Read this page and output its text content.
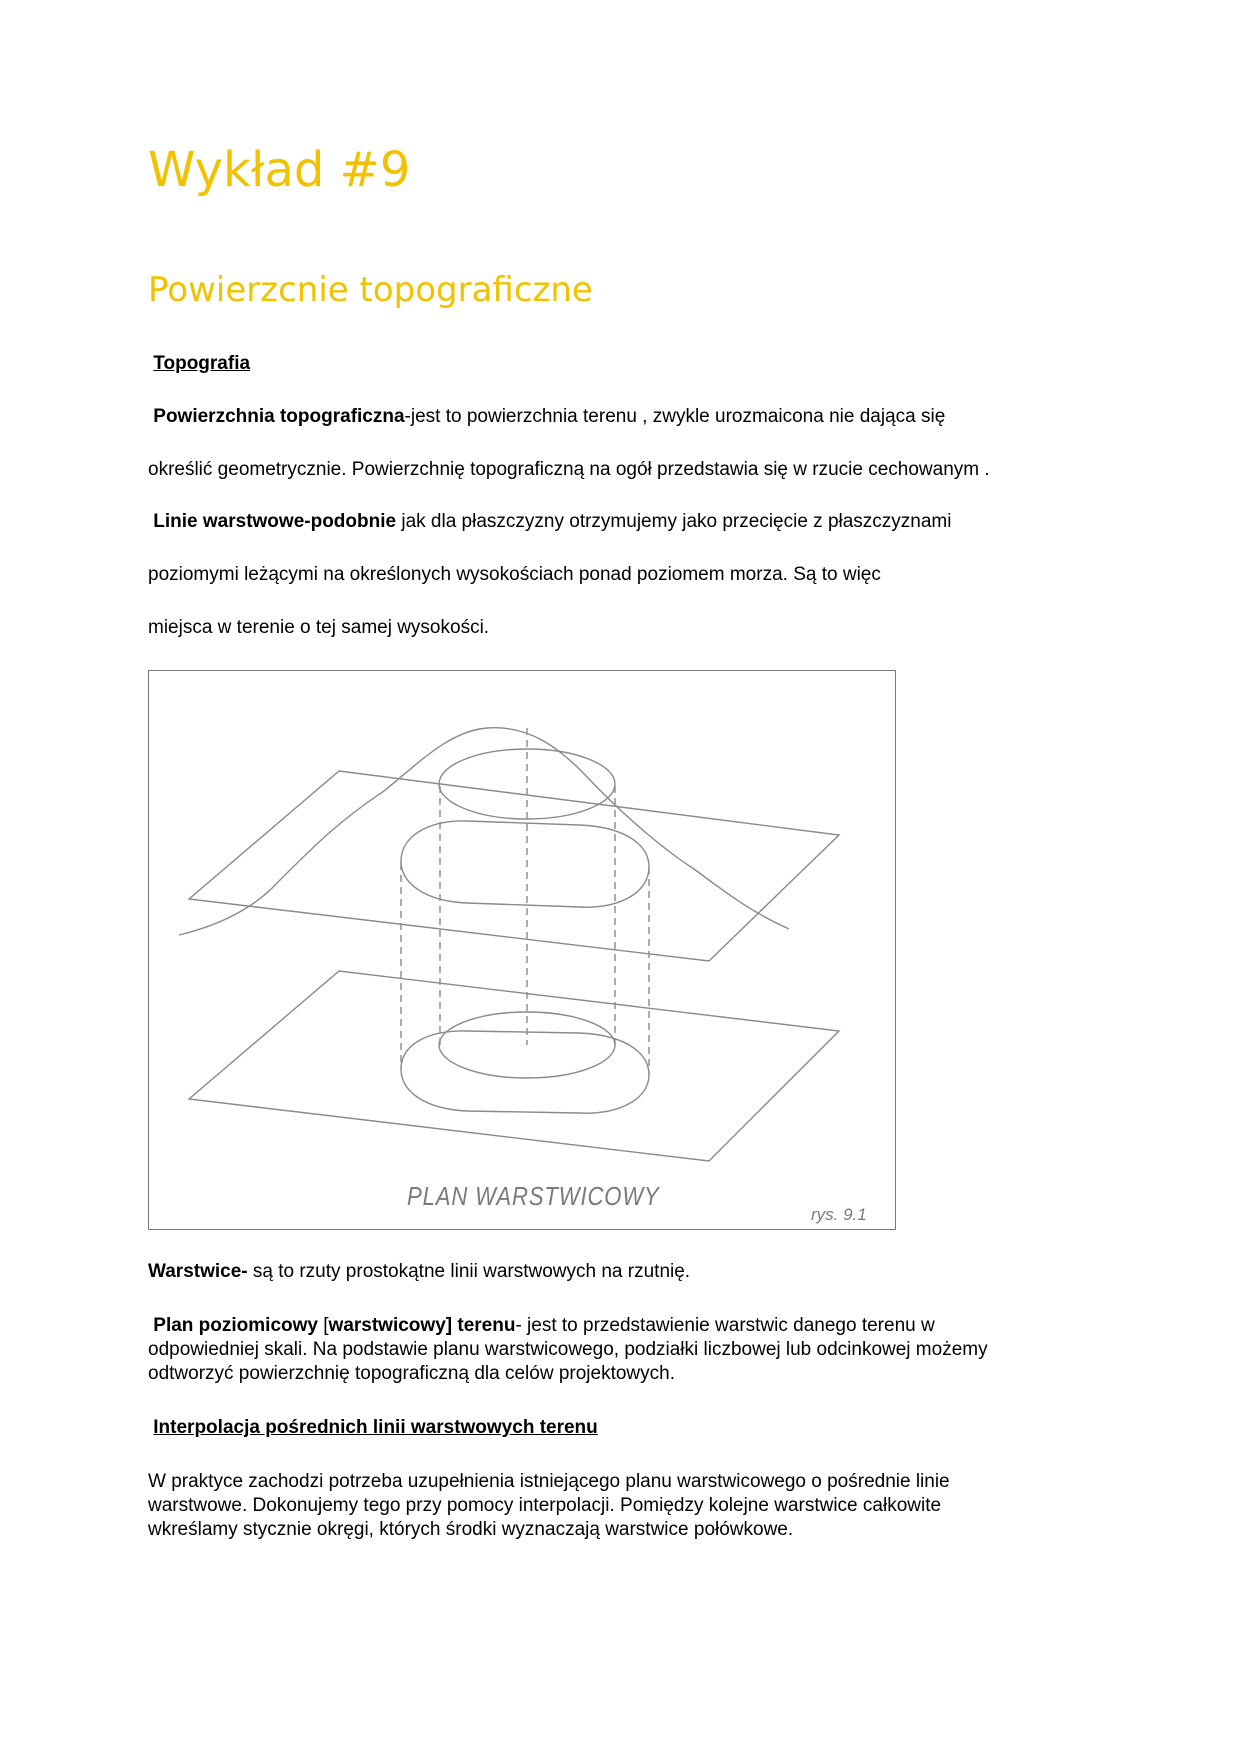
Wykład #9
Powierzcnie topograficzne

Topografia

Powierzchnia topograficzna-jest to powierzchnia terenu , zwykle urozmaicona nie dająca się

określić geometrycznie. Powierzchnię topograficzną na ogół przedstawia się w rzucie cechowanym .

Linie warstwowe-podobnie jak dla płaszczyzny otrzymujemy jako przecięcie z płaszczyznami

poziomymi leżącymi na określonych wysokościach ponad poziomem morza. Są to więc

miejsca w terenie o tej samej wysokości.

PLAN WARSTWICOWY
rys. 9.1

Warstwice- są to rzuty prostokątne linii warstwowych na rzutnię.

Plan poziomicowy [warstwicowy] terenu- jest to przedstawienie warstwic danego terenu w

odpowiedniej skali. Na podstawie planu warstwicowego, podziałki liczbowej lub odcinkowej możemy

odtworzyć powierzchnię topograficzną dla celów projektowych.

Interpolacja pośrednich linii warstwowych terenu

W praktyce zachodzi potrzeba uzupełnienia istniejącego planu warstwicowego o pośrednie linie

warstwowe. Dokonujemy tego przy pomocy interpolacji. Pomiędzy kolejne warstwice całkowite

wkreślamy stycznie okręgi, których środki wyznaczają warstwice połówkowe.
